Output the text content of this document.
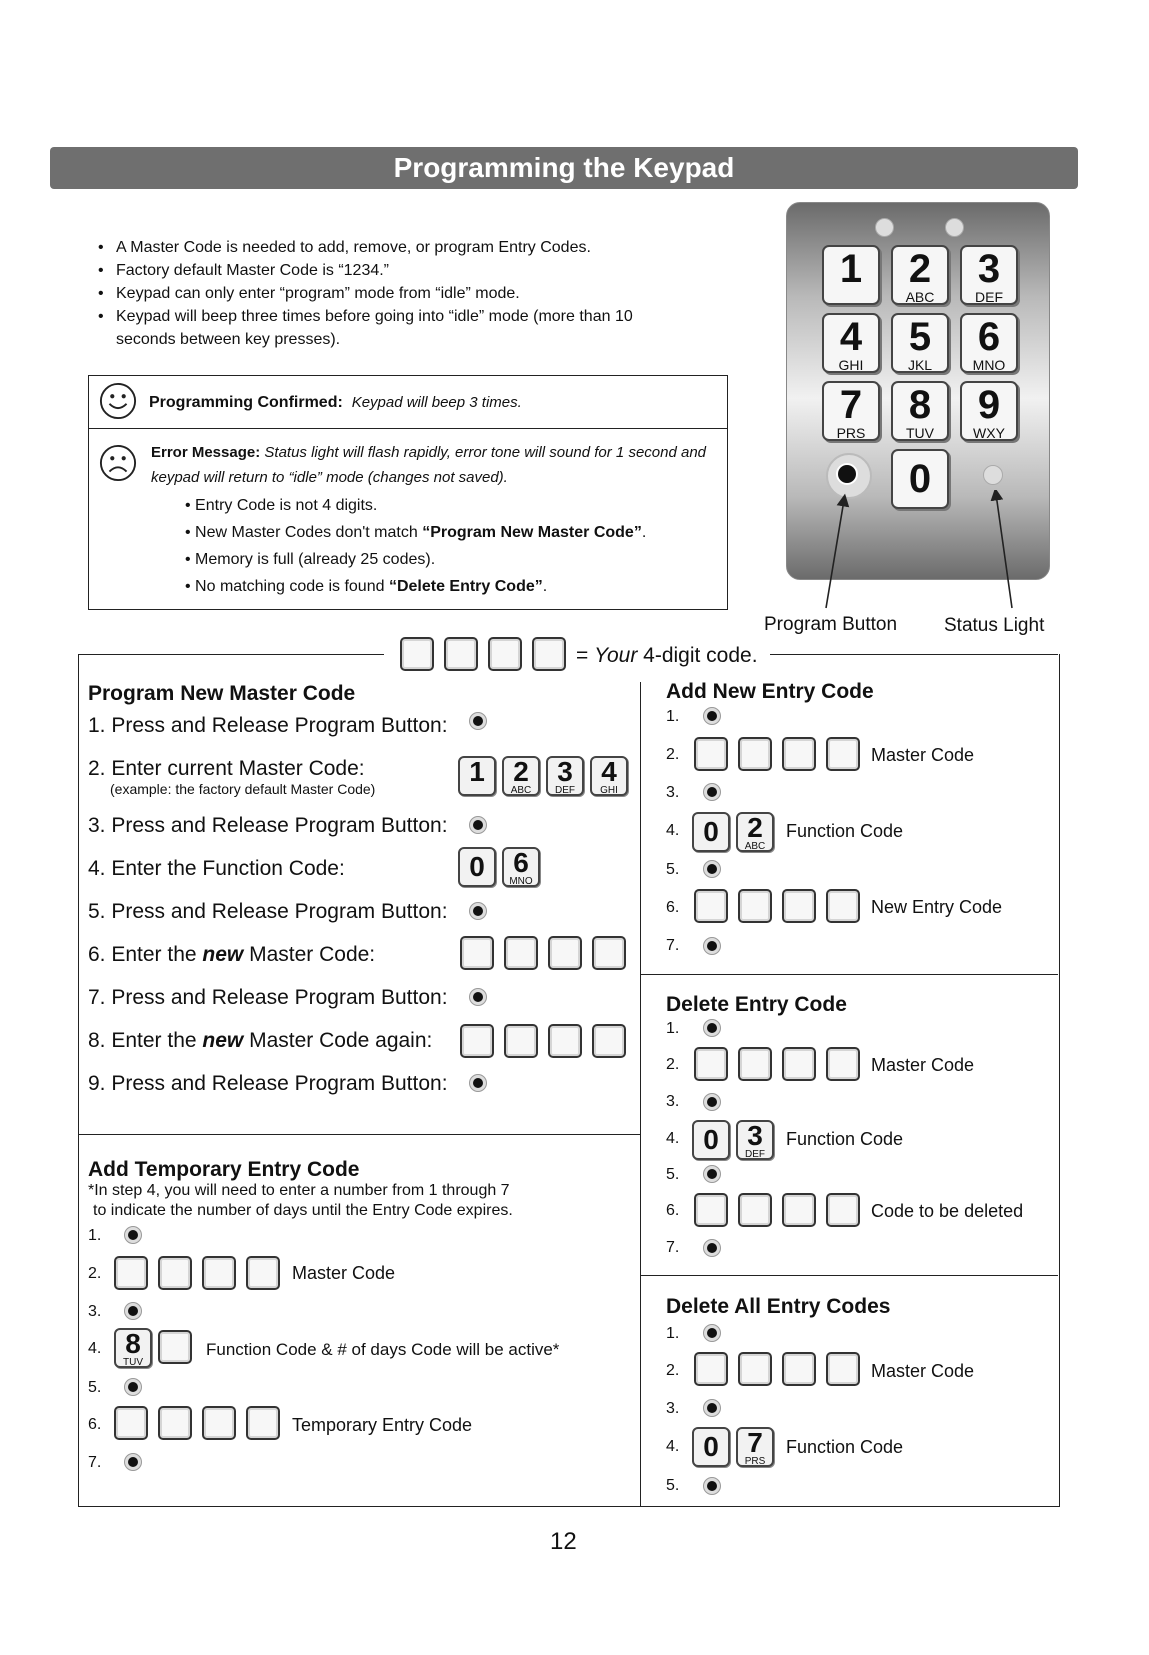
Programming the Keypad
• A Master Code is needed to add, remove, or program Entry Codes.
• Factory default Master Code is “1234.”
• Keypad can only enter “program” mode from “idle” mode.
• Keypad will beep three times before going into “idle” mode (more than 10 seconds between key presses).
Programming Confirmed: Keypad will beep 3 times.
Error Message: Status light will flash rapidly, error tone will sound for 1 second and keypad will return to “idle” mode (changes not saved).
• Entry Code is not 4 digits.
• New Master Codes don't match “Program New Master Code”.
• Memory is full (already 25 codes).
• No matching code is found “Delete Entry Code”.
1	2
ABC
3
DEF
4
GHI
5
JKL
6
MNO
7
PRS
8
TUV
9
WXY
0
Program Button Status Light
= Your 4-digit code.
Program New Master Code
1. Press and Release Program Button:
2. Enter current Master Code:
(example: the factory default Master Code)
1	2
ABC
3
DEF
4
GHI
3. Press and Release Program Button:
4. Enter the Function Code:	0	6
MNO
5. Press and Release Program Button:
6. Enter the new Master Code:
7. Press and Release Program Button:
8. Enter the new Master Code again:
9. Press and Release Program Button:
Add Temporary Entry Code
*In step 4, you will need to enter a number from 1 through 7
to indicate the number of days until the Entry Code expires.
1.
2.	Master Code
3.
4. 8
TUV
Function Code & # of days Code will be active*
5.
6.	Temporary Entry Code
7.
Add New Entry Code
1.
2.	Master Code
3.
4. 0	2
ABC
Function Code
5.
6.	New Entry Code
7.
Delete Entry Code
1.
2.	Master Code
3.
4. 0	3
DEF
Function Code
5.
6.	Code to be deleted
7.
Delete All Entry Codes
1.
2.	Master Code
3.
4. 0	7
PRS
Function Code
5.
12
